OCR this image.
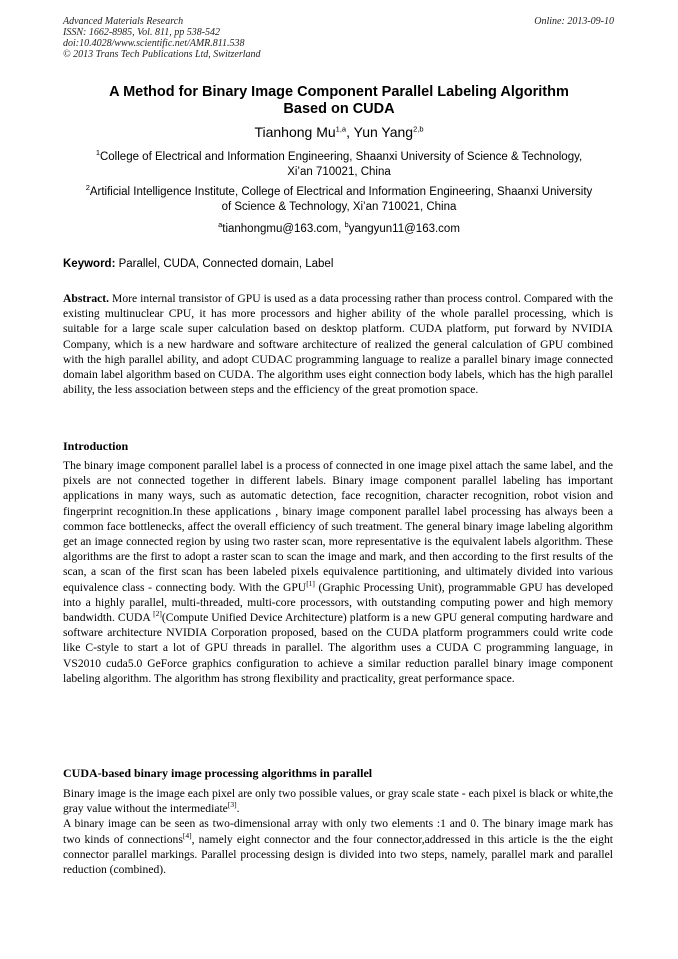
Advanced Materials Research
ISSN: 1662-8985, Vol. 811, pp 538-542
doi:10.4028/www.scientific.net/AMR.811.538
© 2013 Trans Tech Publications Ltd, Switzerland
Online: 2013-09-10
A Method for Binary Image Component Parallel Labeling Algorithm
Based on CUDA
Tianhong Mu$^{1,a}$, Yun Yang$^{2,b}$
$^1$College of Electrical and Information Engineering, Shaanxi University of Science & Technology,
Xi’an 710021, China
$^2$Artificial Intelligence Institute, College of Electrical and Information Engineering, Shaanxi University
of Science & Technology, Xi’an 710021, China
$^a$tianhongmu@163.com, $^b$yangyun11@163.com
Keyword: Parallel, CUDA, Connected domain, Label
Abstract. More internal transistor of GPU is used as a data processing rather than process control. Compared with the existing multinuclear CPU, it has more processors and higher ability of the whole parallel processing, which is suitable for a large scale super calculation based on desktop platform. CUDA platform, put forward by NVIDIA Company, which is a new hardware and software architecture of realized the general calculation of GPU combined with the high parallel ability, and adopt CUDAC programming language to realize a parallel binary image connected domain label algorithm based on CUDA. The algorithm uses eight connection body labels, which has the high parallel ability, the less association between steps and the efficiency of the great promotion space.
Introduction
The binary image component parallel label is a process of connected in one image pixel attach the same label, and the pixels are not connected together in different labels. Binary image component parallel labeling has important applications in many ways, such as automatic detection, face recognition, character recognition, robot vision and fingerprint recognition.In these applications , binary image component parallel label processing has always been a common face bottlenecks, affect the overall efficiency of such treatment. The general binary image labeling algorithm get an image connected region by using two raster scan, more representative is the equivalent labels algorithm. These algorithms are the first to adopt a raster scan to scan the image and mark, and then according to the first results of the scan, a scan of the first scan has been labeled pixels equivalence partitioning, and ultimately divided into various equivalence class - connecting body. With the GPU[1] (Graphic Processing Unit), programmable GPU has developed into a highly parallel, multi-threaded, multi-core processors, with outstanding computing power and high memory bandwidth. CUDA [2](Compute Unified Device Architecture) platform is a new GPU general computing hardware and software architecture NVIDIA Corporation proposed, based on the CUDA platform programmers could write code like C-style to start a lot of GPU threads in parallel. The algorithm uses a CUDA C programming language, in VS2010 cuda5.0 GeForce graphics configuration to achieve a similar reduction parallel binary image component labeling algorithm. The algorithm has strong flexibility and practicality, great performance space.
CUDA-based binary image processing algorithms in parallel

Binary image is the image each pixel are only two possible values, or gray scale state - each pixel is black or white,the gray value without the intermediate[3].

A binary image can be seen as two-dimensional array with only two elements :1 and 0. The binary image mark has two kinds of connections[4], namely eight connector and the four connector,addressed in this article is the the eight connector parallel markings. Parallel processing design is divided into two steps, namely, parallel mark and parallel reduction (combined).
